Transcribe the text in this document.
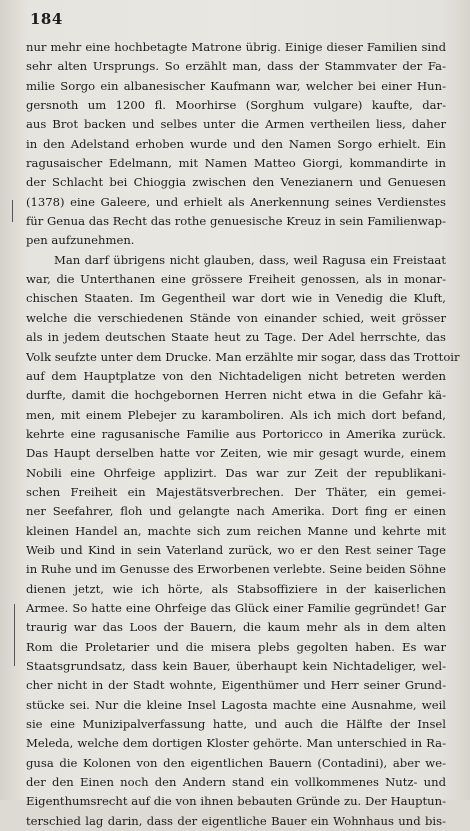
184
nur mehr eine hochbetagte Matrone übrig. Einige dieser Familien sind
sehr alten Ursprungs. So erzählt man, dass der Stammvater der Fa-
milie Sorgo ein albanesischer Kaufmann war, welcher bei einer Hun-
gersnoth um 1200 fl. Moorhirse (Sorghum vulgare) kaufte, dar-
aus Brot backen und selbes unter die Armen vertheilen liess, daher
in den Adelstand erhoben wurde und den Namen Sorgo erhielt. Ein
ragusaischer Edelmann, mit Namen Matteo Giorgi, kommandirte in
der Schlacht bei Chioggia zwischen den Venezianern und Genuesen
(1378) eine Galeere, und erhielt als Anerkennung seines Verdienstes
für Genua das Recht das rothe genuesische Kreuz in sein Familienwap-
pen aufzunehmen.
Man darf übrigens nicht glauben, dass, weil Ragusa ein Freistaat
war, die Unterthanen eine grössere Freiheit genossen, als in monar-
chischen Staaten. Im Gegentheil war dort wie in Venedig die Kluft,
welche die verschiedenen Stände von einander schied, weit grösser
als in jedem deutschen Staate heut zu Tage. Der Adel herrschte, das
Volk seufzte unter dem Drucke. Man erzählte mir sogar, dass das Trottoir
auf dem Hauptplatze von den Nichtadeligen nicht betreten werden
durfte, damit die hochgebornen Herren nicht etwa in die Gefahr kä-
men, mit einem Plebejer zu karamboliren. Als ich mich dort befand,
kehrte eine ragusanische Familie aus Portoricco in Amerika zurück.
Das Haupt derselben hatte vor Zeiten, wie mir gesagt wurde, einem
Nobili eine Ohrfeige applizirt. Das war zur Zeit der republikani-
schen Freiheit ein Majestätsverbrechen. Der Thäter, ein gemei-
ner Seefahrer, floh und gelangte nach Amerika. Dort fing er einen
kleinen Handel an, machte sich zum reichen Manne und kehrte mit
Weib und Kind in sein Vaterland zurück, wo er den Rest seiner Tage
in Ruhe und im Genusse des Erworbenen verlebte. Seine beiden Söhne
dienen jetzt, wie ich hörte, als Stabsoffiziere in der kaiserlichen
Armee. So hatte eine Ohrfeige das Glück einer Familie gegründet! Gar
traurig war das Loos der Bauern, die kaum mehr als in dem alten
Rom die Proletarier und die misera plebs gegolten haben. Es war
Staatsgrundsatz, dass kein Bauer, überhaupt kein Nichtadeliger, wel-
cher nicht in der Stadt wohnte, Eigenthümer und Herr seiner Grund-
stücke sei. Nur die kleine Insel Lagosta machte eine Ausnahme, weil
sie eine Munizipalverfassung hatte, und auch die Hälfte der Insel
Meleda, welche dem dortigen Kloster gehörte. Man unterschied in Ra-
gusa die Kolonen von den eigentlichen Bauern (Contadini), aber we-
der den Einen noch den Andern stand ein vollkommenes Nutz- und
Eigenthumsrecht auf die von ihnen bebauten Gründe zu. Der Hauptun-
terschied lag darin, dass der eigentliche Bauer ein Wohnhaus und bis-
